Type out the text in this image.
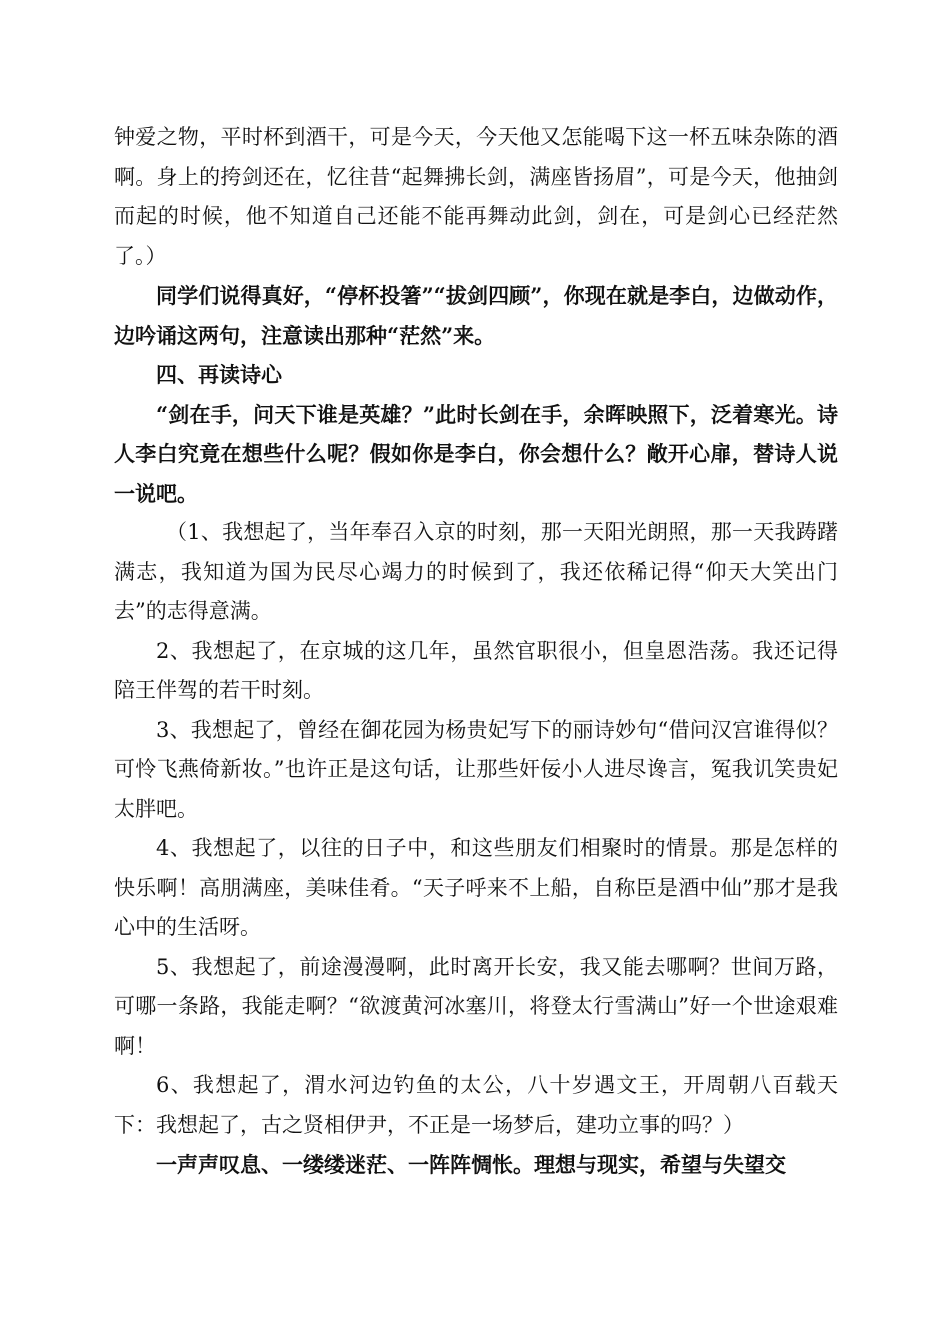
钟爱之物，平时杯到酒干，可是今天，今天他又怎能喝下这一杯五味杂陈的酒啊。身上的挎剑还在，忆往昔“起舞拂长剑，满座皆扬眉”，可是今天，他抽剑而起的时候，他不知道自己还能不能再舞动此剑，剑在，可是剑心已经茫然了。）

同学们说得真好，“停杯投箸”“拔剑四顾”，你现在就是李白，边做动作，边吟诵这两句，注意读出那种“茫然”来。

四、再读诗心

“剑在手，问天下谁是英雄？”此时长剑在手，余晖映照下，泛着寒光。诗人李白究竟在想些什么呢？假如你是李白，你会想什么？敞开心扉，替诗人说一说吧。

（1、我想起了，当年奉召入京的时刻，那一天阳光朗照，那一天我踌躇满志，我知道为国为民尽心竭力的时候到了，我还依稀记得“仰天大笑出门去”的志得意满。

2、我想起了，在京城的这几年，虽然官职很小，但皇恩浩荡。我还记得陪王伴驾的若干时刻。

3、我想起了，曾经在御花园为杨贵妃写下的丽诗妙句“借问汉宫谁得似？可怜飞燕倚新妆。”也许正是这句话，让那些奸佞小人进尽谗言，冤我讥笑贵妃太胖吧。

4、我想起了，以往的日子中，和这些朋友们相聚时的情景。那是怎样的快乐啊！高朋满座，美味佳肴。“天子呼来不上船，自称臣是酒中仙”那才是我心中的生活呀。

5、我想起了，前途漫漫啊，此时离开长安，我又能去哪啊？世间万路，可哪一条路，我能走啊？“欲渡黄河冰塞川，将登太行雪满山”好一个世途艰难啊！

6、我想起了，渭水河边钓鱼的太公，八十岁遇文王，开周朝八百载天下：我想起了，古之贤相伊尹，不正是一场梦后，建功立事的吗？）

一声声叹息、一缕缕迷茫、一阵阵惆怅。理想与现实，希望与失望交
